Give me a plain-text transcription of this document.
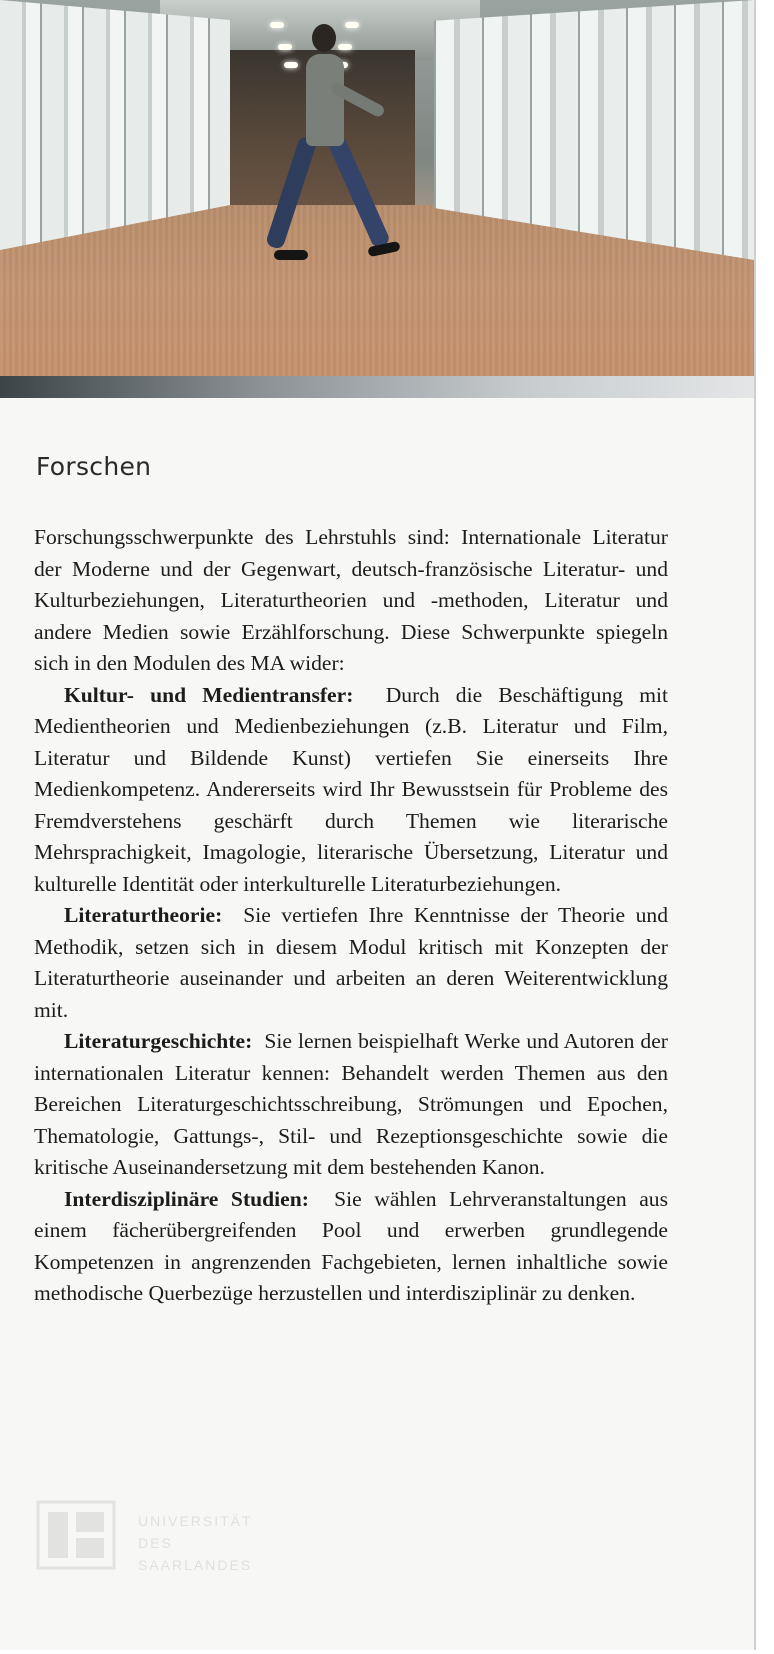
Forschen

Forschungsschwerpunkte des Lehrstuhls sind: Internationale Literatur der Moderne und der Gegenwart, deutsch-französische Literatur- und Kulturbeziehungen, Literaturtheorien und -methoden, Literatur und andere Medien sowie Erzählforschung. Diese Schwerpunkte spiegeln sich in den Modulen des MA wider:

Kultur- und Medientransfer: Durch die Beschäftigung mit Medientheorien und Medienbeziehungen (z.B. Literatur und Film, Literatur und Bildende Kunst) vertiefen Sie einerseits Ihre Medienkompetenz. Andererseits wird Ihr Bewusstsein für Probleme des Fremdverstehens geschärft durch Themen wie literarische Mehrsprachigkeit, Imagologie, literarische Übersetzung, Literatur und kulturelle Identität oder interkulturelle Literaturbeziehungen.

Literaturtheorie: Sie vertiefen Ihre Kenntnisse der Theorie und Methodik, setzen sich in diesem Modul kritisch mit Konzepten der Literaturtheorie auseinander und arbeiten an deren Weiterentwicklung mit.

Literaturgeschichte: Sie lernen beispielhaft Werke und Autoren der internationalen Literatur kennen: Behandelt werden Themen aus den Bereichen Literaturgeschichtsschreibung, Strömungen und Epochen, Thematologie, Gattungs-, Stil- und Rezeptionsgeschichte sowie die kritische Auseinandersetzung mit dem bestehenden Kanon.

Interdisziplinäre Studien: Sie wählen Lehrveranstaltungen aus einem fächerübergreifenden Pool und erwerben grundlegende Kompetenzen in angrenzenden Fachgebieten, lernen inhaltliche sowie methodische Querbezüge herzustellen und interdisziplinär zu denken.

UNIVERSITÄT
DES
SAARLANDES
